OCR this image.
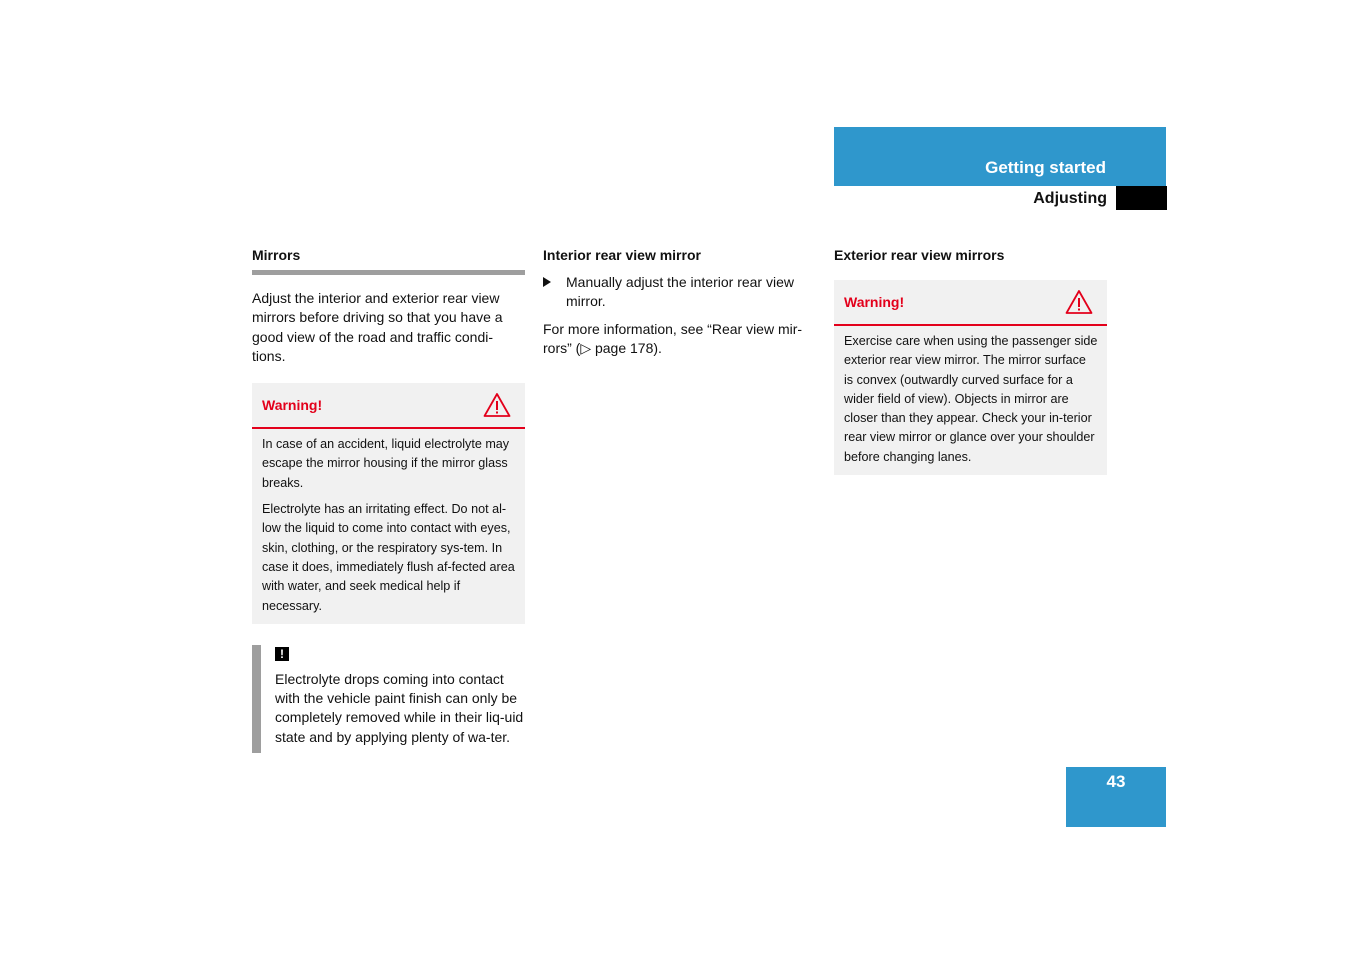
Getting started
Adjusting
Mirrors

Adjust the interior and exterior rear view mirrors before driving so that you have a good view of the road and traffic condi-tions.

Warning!

In case of an accident, liquid electrolyte may escape the mirror housing if the mirror glass breaks.

Electrolyte has an irritating effect. Do not al-low the liquid to come into contact with eyes, skin, clothing, or the respiratory sys-tem. In case it does, immediately flush af-fected area with water, and seek medical help if necessary.

!

Electrolyte drops coming into contact with the vehicle paint finish can only be completely removed while in their liq-uid state and by applying plenty of wa-ter.

Interior rear view mirror
Manually adjust the interior rear view mirror.

For more information, see “Rear view mir-rors” (▷ page 178).

Exterior rear view mirrors
Warning!

Exercise care when using the passenger side exterior rear view mirror. The mirror surface is convex (outwardly curved surface for a wider field of view). Objects in mirror are closer than they appear. Check your in-terior rear view mirror or glance over your shoulder before changing lanes.

43
